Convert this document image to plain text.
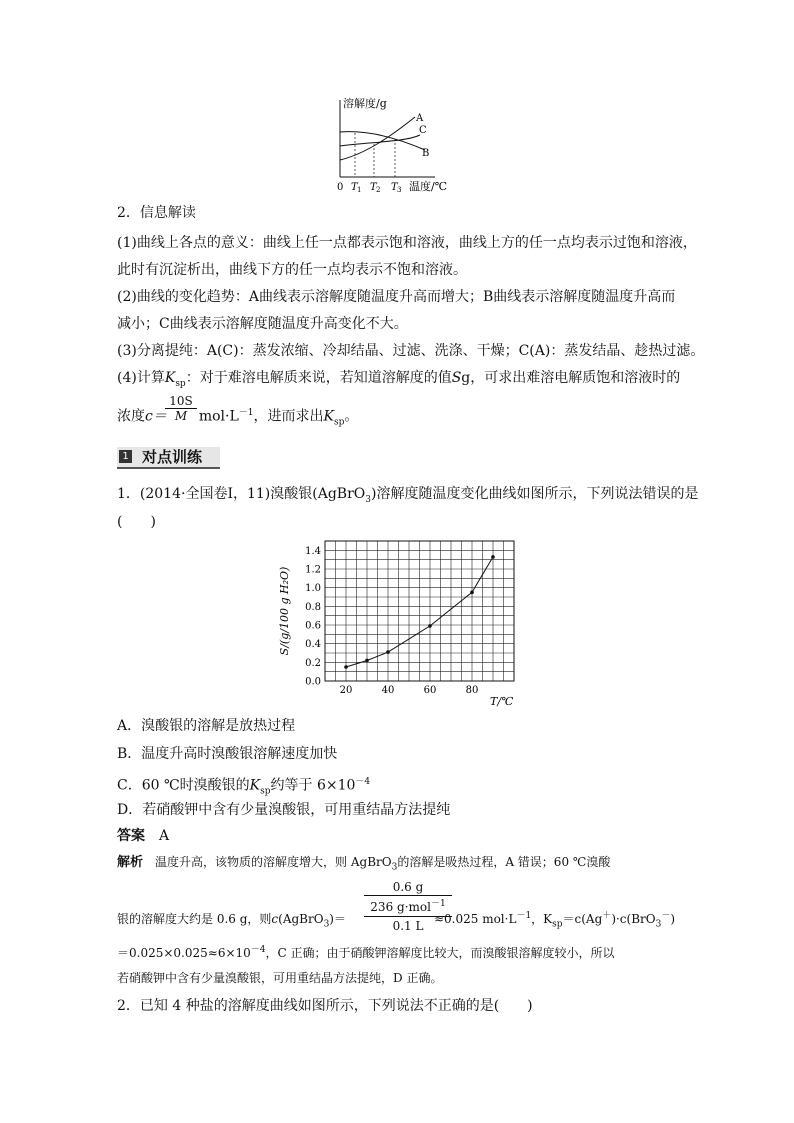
溶解度/g
A
C
B
0 T 1 T 2 T 3 温度/℃
2．信息解读
(1)曲线上各点的意义：曲线上任一点都表示饱和溶液，曲线上方的任一点均表示过饱和溶液，
此时有沉淀析出，曲线下方的任一点均表示不饱和溶液。
(2)曲线的变化趋势：A曲线表示溶解度随温度升高而增大；B曲线表示溶解度随温度升高而
减小；C曲线表示溶解度随温度升高变化不大。
(3)分离提纯：A(C)：蒸发浓缩、冷却结晶、过滤、洗涤、干燥；C(A)：蒸发结晶、趁热过滤。
(4)计算$K_{sp}$：对于难溶电解质来说，若知道溶解度的值Sg，可求出难溶电解质饱和溶液时的
浓度$c= mol\cdot L^{-1}$，进而求出$K_{sp}$。
$\frac{10S}{M}$
1 对点训练
1．(2014·全国卷Ⅰ，11)溴酸银(AgBrO$_3$)溶解度随温度变化曲线如图所示，下列说法错误的是
(　　)
20	40	60	80
0.0
0.2
0.4
0.6
0.8
1.0
1.2
1.4
T/℃
S/(g/100 g H₂O)
A．溴酸银的溶解是放热过程
B．温度升高时溴酸银溶解速度加快
C．60 ℃时溴酸银的$K_{sp}$约等于 $6\times 10^{-4}$
D．若硝酸钾中含有少量溴酸银，可用重结晶方法提纯
答案　 A
解析　 温度升高，该物质的溶解度增大，则 AgBrO$_3$的溶解是吸热过程，A 错误；60 ℃溴酸
银的溶解度大约是 0.6 g，则c(AgBrO$_3$)＝	≈0.025 $mol\cdot L^{-1}$，$K_{sp}=c(Ag^+)\cdot c(BrO_3^-)$
0.6 g
236 g·mol$^{-1}$
0.1 L
$=0.025\times 0.025\approx 6\times 10^{-4}$，C 正确；由于硝酸钾溶解度比较大，而溴酸银溶解度较小，所以
若硝酸钾中含有少量溴酸银，可用重结晶方法提纯，D 正确。
2．已知 4 种盐的溶解度曲线如图所示，下列说法不正确的是(　　)
